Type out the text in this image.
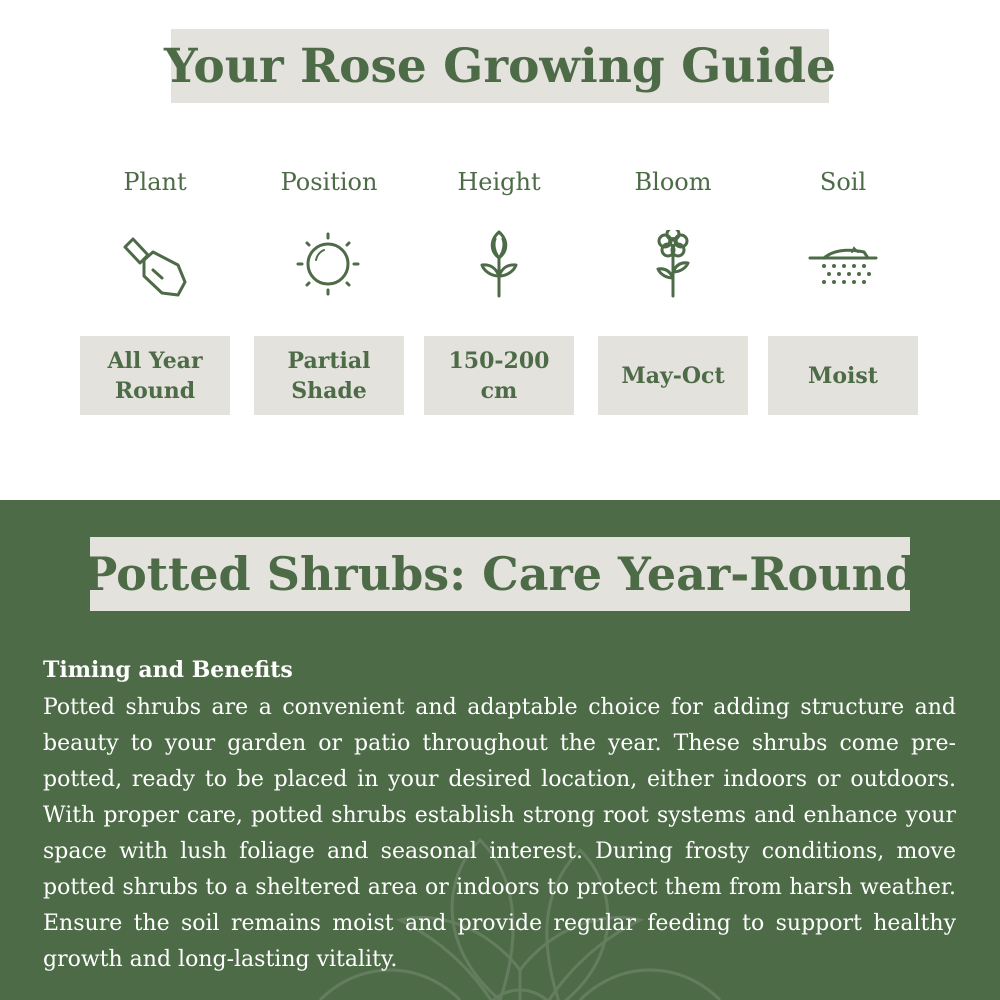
Your Rose Growing Guide
Plant
All Year Round
Position
Partial Shade
Height
150-200 cm
Bloom
May-Oct
Soil
Moist
Potted Shrubs: Care Year-Round
Timing and Benefits
Potted shrubs are a convenient and adaptable choice for adding structure and beauty to your garden or patio throughout the year. These shrubs come pre-potted, ready to be placed in your desired location, either indoors or outdoors. With proper care, potted shrubs establish strong root systems and enhance your space with lush foliage and seasonal interest. During frosty conditions, move potted shrubs to a sheltered area or indoors to protect them from harsh weather. Ensure the soil remains moist and provide regular feeding to support healthy growth and long-lasting vitality.
